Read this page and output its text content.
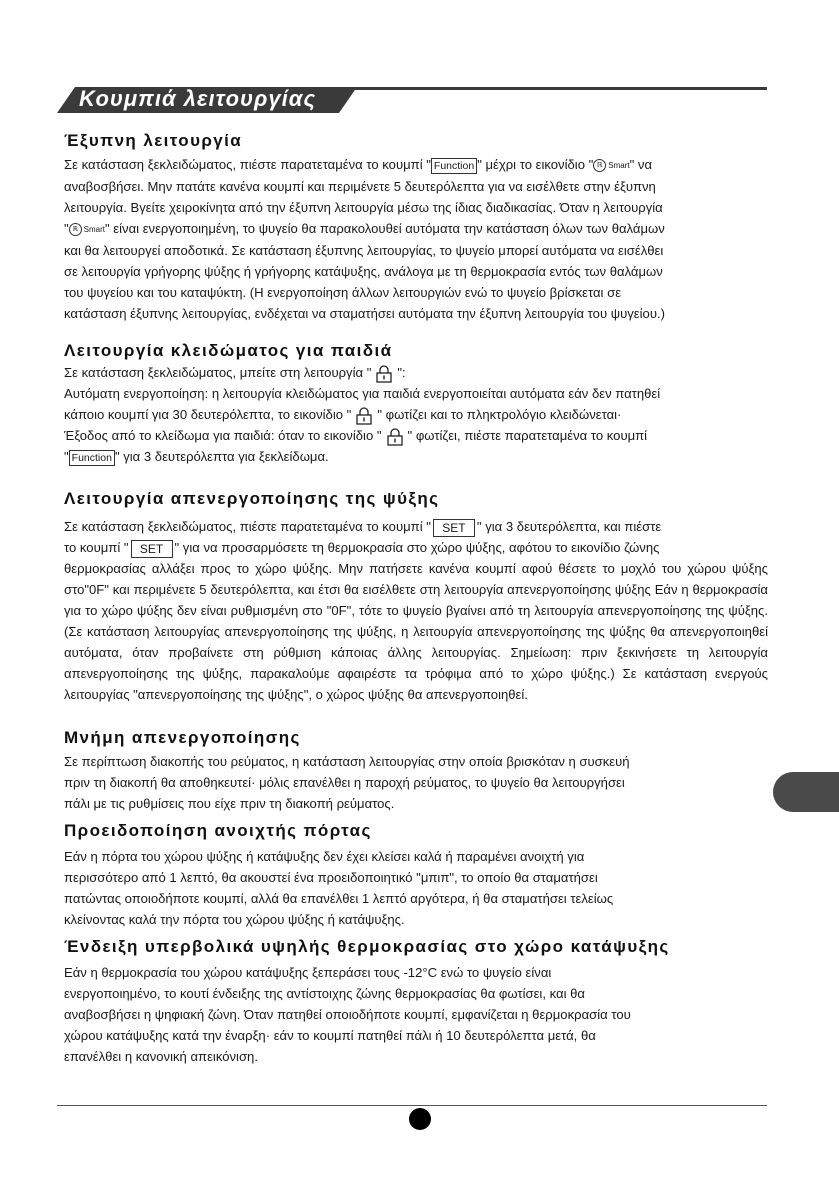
Κουμπιά λειτουργίας
Έξυπνη λειτουργία

Σε κατάσταση ξεκλειδώματος, πιέστε παρατεταμένα το κουμπί " Function " μέχρι το εικονίδιο " ℝ Smart " να
αναβοσβήσει. Μην πατάτε κανένα κουμπί και περιμένετε 5 δευτερόλεπτα για να εισέλθετε στην έξυπνη
λειτουργία. Βγείτε χειροκίνητα από την έξυπνη λειτουργία μέσω της ίδιας διαδικασίας. Όταν η λειτουργία
" ℝ Smart " είναι ενεργοποιημένη, το ψυγείο θα παρακολουθεί αυτόματα την κατάσταση όλων των θαλάμων
και θα λειτουργεί αποδοτικά. Σε κατάσταση έξυπνης λειτουργίας, το ψυγείο μπορεί αυτόματα να εισέλθει
σε λειτουργία γρήγορης ψύξης ή γρήγορης κατάψυξης, ανάλογα με τη θερμοκρασία εντός των θαλάμων
του ψυγείου και του καταψύκτη. (Η ενεργοποίηση άλλων λειτουργιών ενώ το ψυγείο βρίσκεται σε
κατάσταση έξυπνης λειτουργίας, ενδέχεται να σταματήσει αυτόματα την έξυπνη λειτουργία του ψυγείου.)

Λειτουργία κλειδώματος για παιδιά

Σε κατάσταση ξεκλειδώματος, μπείτε στη λειτουργία " ":
Αυτόματη ενεργοποίηση: η λειτουργία κλειδώματος για παιδιά ενεργοποιείται αυτόματα εάν δεν πατηθεί
κάποιο κουμπί για 30 δευτερόλεπτα, το εικονίδιο " " φωτίζει και το πληκτρολόγιο κλειδώνεται·
Έξοδος από το κλείδωμα για παιδιά: όταν το εικονίδιο " " φωτίζει, πιέστε παρατεταμένα το κουμπί
" Function " για 3 δευτερόλεπτα για ξεκλείδωμα.

Λειτουργία απενεργοποίησης της ψύξης

Σε κατάσταση ξεκλειδώματος, πιέστε παρατεταμένα το κουμπί " SET " για 3 δευτερόλεπτα, και πιέστε
το κουμπί " SET " για να προσαρμόσετε τη θερμοκρασία στο χώρο ψύξης, αφότου το εικονίδιο ζώνης
θερμοκρασίας αλλάξει προς το χώρο ψύξης. Μην πατήσετε κανένα κουμπί αφού θέσετε το μοχλό του χώρου ψύξης στο"0F" και περιμένετε 5 δευτερόλεπτα, και έτσι θα εισέλθετε στη λειτουργία απενεργοποίησης ψύξης Εάν η θερμοκρασία για το χώρο ψύξης δεν είναι ρυθμισμένη στο "0F", τότε το ψυγείο βγαίνει από τη λειτουργία απενεργοποίησης της ψύξης. (Σε κατάσταση λειτουργίας απενεργοποίησης της ψύξης, η λειτουργία απενεργοποίησης της ψύξης θα απενεργοποιηθεί αυτόματα, όταν προβαίνετε στη ρύθμιση κάποιας άλλης λειτουργίας. Σημείωση: πριν ξεκινήσετε τη λειτουργία απενεργοποίησης της ψύξης, παρακαλούμε αφαιρέστε τα τρόφιμα από το χώρο ψύξης.) Σε κατάσταση ενεργούς λειτουργίας "απενεργοποίησης της ψύξης", ο χώρος ψύξης θα απενεργοποιηθεί.

Μνήμη απενεργοποίησης

Σε περίπτωση διακοπής του ρεύματος, η κατάσταση λειτουργίας στην οποία βρισκόταν η συσκευή
πριν τη διακοπή θα αποθηκευτεί· μόλις επανέλθει η παροχή ρεύματος, το ψυγείο θα λειτουργήσει
πάλι με τις ρυθμίσεις που είχε πριν τη διακοπή ρεύματος.

Προειδοποίηση ανοιχτής πόρτας

Εάν η πόρτα του χώρου ψύξης ή κατάψυξης δεν έχει κλείσει καλά ή παραμένει ανοιχτή για
περισσότερο από 1 λεπτό, θα ακουστεί ένα προειδοποιητικό "μπιπ", το οποίο θα σταματήσει
πατώντας οποιοδήποτε κουμπί, αλλά θα επανέλθει 1 λεπτό αργότερα, ή θα σταματήσει τελείως
κλείνοντας καλά την πόρτα του χώρου ψύξης ή κατάψυξης.

Ένδειξη υπερβολικά υψηλής θερμοκρασίας στο χώρο κατάψυξης

Εάν η θερμοκρασία του χώρου κατάψυξης ξεπεράσει τους -12°C ενώ το ψυγείο είναι
ενεργοποιημένο, το κουτί ένδειξης της αντίστοιχης ζώνης θερμοκρασίας θα φωτίσει, και θα
αναβοσβήσει η ψηφιακή ζώνη. Όταν πατηθεί οποιοδήποτε κουμπί, εμφανίζεται η θερμοκρασία του
χώρου κατάψυξης κατά την έναρξη· εάν το κουμπί πατηθεί πάλι ή 10 δευτερόλεπτα μετά, θα
επανέλθει η κανονική απεικόνιση.
